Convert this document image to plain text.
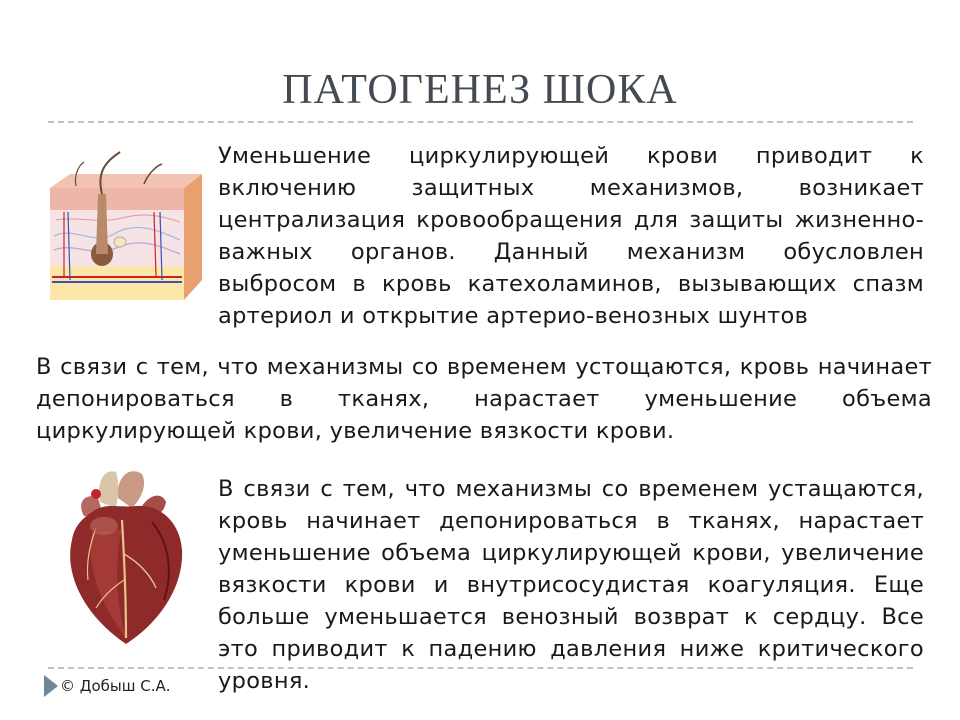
ПАТОГЕНЕЗ ШОКА

Уменьшение циркулирующей крови приводит к включению защитных механизмов, возникает централизация кровообращения для защиты жизненно-важных органов. Данный механизм обусловлен выбросом в кровь катехоламинов, вызывающих спазм артериол и открытие артерио-венозных шунтов

В связи с тем, что механизмы со временем устощаются, кровь начинает депонироваться в тканях, нарастает уменьшение объема циркулирующей крови, увеличение вязкости крови.

В связи с тем, что механизмы со временем устащаются, кровь начинает депонироваться в тканях, нарастает уменьшение объема циркулирующей крови, увеличение вязкости крови и внутрисосудистая коагуляция. Еще больше уменьшается венозный возврат к сердцу. Все это приводит к падению давления ниже критического уровня.

© Добыш С.А.
